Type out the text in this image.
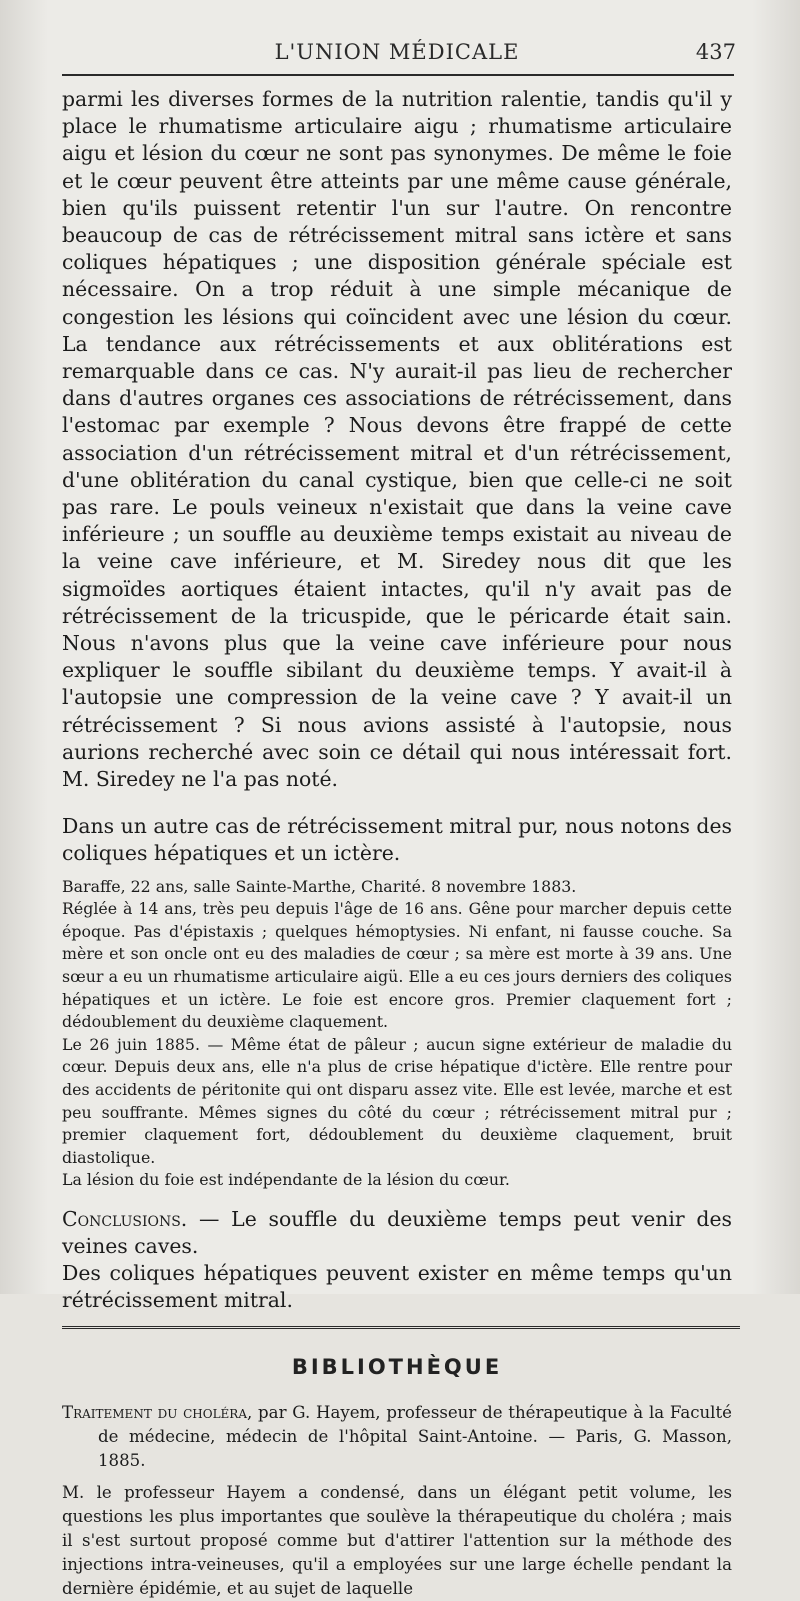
L'UNION MÉDICALE	437

parmi les diverses formes de la nutrition ralentie, tandis qu'il y place le rhumatisme articulaire aigu ; rhumatisme articulaire aigu et lésion du cœur ne sont pas synonymes. De même le foie et le cœur peuvent être atteints par une même cause générale, bien qu'ils puissent retentir l'un sur l'autre. On rencontre beaucoup de cas de rétrécissement mitral sans ictère et sans coliques hépatiques ; une disposition générale spéciale est nécessaire. On a trop réduit à une simple mécanique de congestion les lésions qui coïncident avec une lésion du cœur. La tendance aux rétrécissements et aux oblitérations est remarquable dans ce cas. N'y aurait-il pas lieu de rechercher dans d'autres organes ces associations de rétrécissement, dans l'estomac par exemple ? Nous devons être frappé de cette association d'un rétrécissement mitral et d'un rétrécissement, d'une oblitération du canal cystique, bien que celle-ci ne soit pas rare. Le pouls veineux n'existait que dans la veine cave inférieure ; un souffle au deuxième temps existait au niveau de la veine cave inférieure, et M. Siredey nous dit que les sigmoïdes aortiques étaient intactes, qu'il n'y avait pas de rétrécissement de la tricuspide, que le péricarde était sain. Nous n'avons plus que la veine cave inférieure pour nous expliquer le souffle sibilant du deuxième temps. Y avait-il à l'autopsie une compression de la veine cave ? Y avait-il un rétrécissement ? Si nous avions assisté à l'autopsie, nous aurions recherché avec soin ce détail qui nous intéressait fort. M. Siredey ne l'a pas noté.

Dans un autre cas de rétrécissement mitral pur, nous notons des coliques hépatiques et un ictère.

Baraffe, 22 ans, salle Sainte-Marthe, Charité. 8 novembre 1883.

Réglée à 14 ans, très peu depuis l'âge de 16 ans. Gêne pour marcher depuis cette époque. Pas d'épistaxis ; quelques hémoptysies. Ni enfant, ni fausse couche. Sa mère et son oncle ont eu des maladies de cœur ; sa mère est morte à 39 ans. Une sœur a eu un rhumatisme articulaire aigü. Elle a eu ces jours derniers des coliques hépatiques et un ictère. Le foie est encore gros. Premier claquement fort ; dédoublement du deuxième claquement.

Le 26 juin 1885. — Même état de pâleur ; aucun signe extérieur de maladie du cœur. Depuis deux ans, elle n'a plus de crise hépatique d'ictère. Elle rentre pour des accidents de péritonite qui ont disparu assez vite. Elle est levée, marche et est peu souffrante. Mêmes signes du côté du cœur ; rétrécissement mitral pur ; premier claquement fort, dédoublement du deuxième claquement, bruit diastolique.

La lésion du foie est indépendante de la lésion du cœur.

Conclusions. — Le souffle du deuxième temps peut venir des veines caves.

Des coliques hépatiques peuvent exister en même temps qu'un rétrécissement mitral.

BIBLIOTHÈQUE

Traitement du choléra, par G. Hayem, professeur de thérapeutique à la Faculté de médecine, médecin de l'hôpital Saint-Antoine. — Paris, G. Masson, 1885.

M. le professeur Hayem a condensé, dans un élégant petit volume, les questions les plus importantes que soulève la thérapeutique du choléra ; mais il s'est surtout proposé comme but d'attirer l'attention sur la méthode des injections intra-veineuses, qu'il a employées sur une large échelle pendant la dernière épidémie, et au sujet de laquelle
